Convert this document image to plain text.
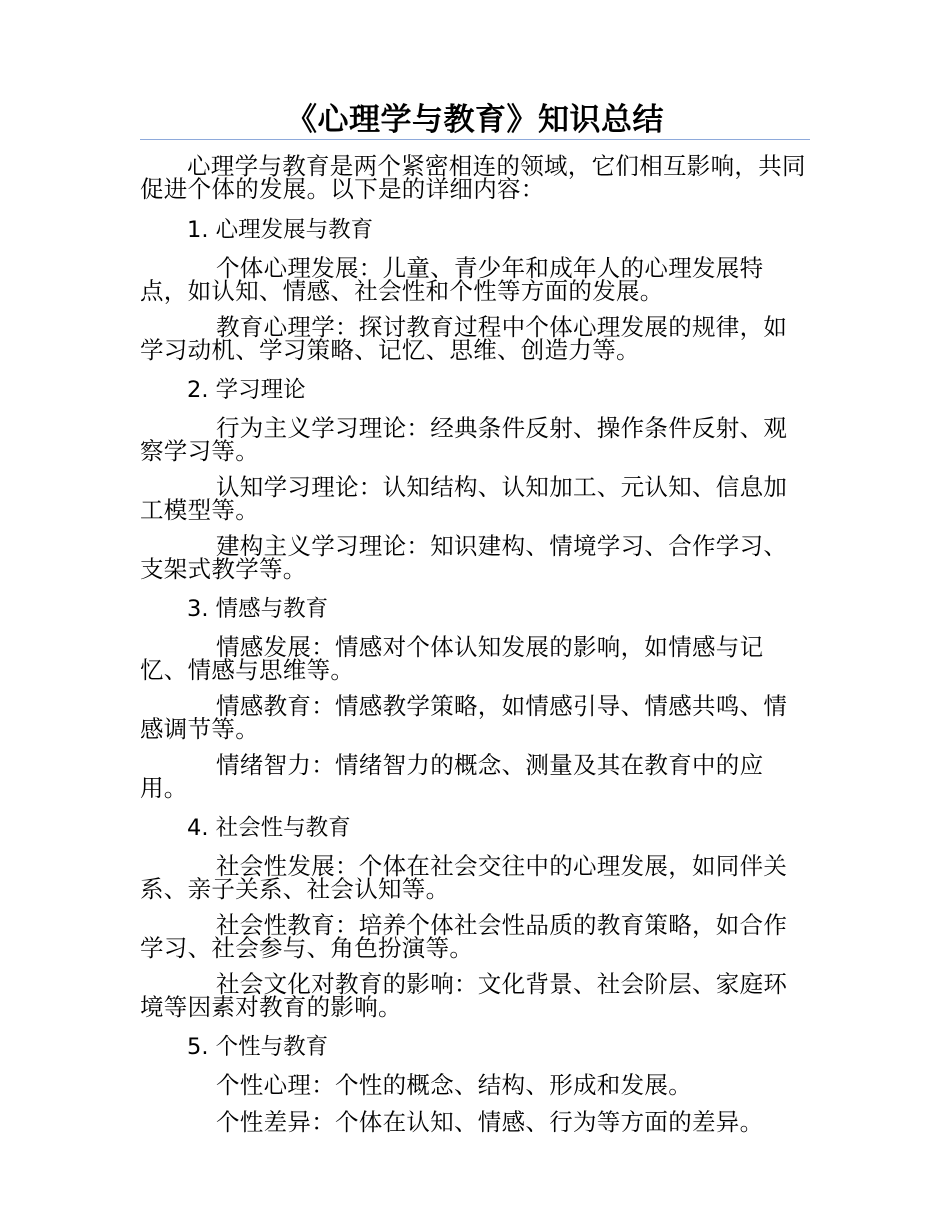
《心理学与教育》知识总结

心理学与教育是两个紧密相连的领域，它们相互影响，共同促进个体的发展。以下是的详细内容：

1. 心理发展与教育

个体心理发展：儿童、青少年和成年人的心理发展特点，如认知、情感、社会性和个性等方面的发展。

教育心理学：探讨教育过程中个体心理发展的规律，如学习动机、学习策略、记忆、思维、创造力等。

2. 学习理论

行为主义学习理论：经典条件反射、操作条件反射、观察学习等。

认知学习理论：认知结构、认知加工、元认知、信息加工模型等。

建构主义学习理论：知识建构、情境学习、合作学习、支架式教学等。

3. 情感与教育

情感发展：情感对个体认知发展的影响，如情感与记忆、情感与思维等。

情感教育：情感教学策略，如情感引导、情感共鸣、情感调节等。

情绪智力：情绪智力的概念、测量及其在教育中的应用。

4. 社会性与教育

社会性发展：个体在社会交往中的心理发展，如同伴关系、亲子关系、社会认知等。

社会性教育：培养个体社会性品质的教育策略，如合作学习、社会参与、角色扮演等。

社会文化对教育的影响：文化背景、社会阶层、家庭环境等因素对教育的影响。

5. 个性与教育

个性心理：个性的概念、结构、形成和发展。

个性差异：个体在认知、情感、行为等方面的差异。
